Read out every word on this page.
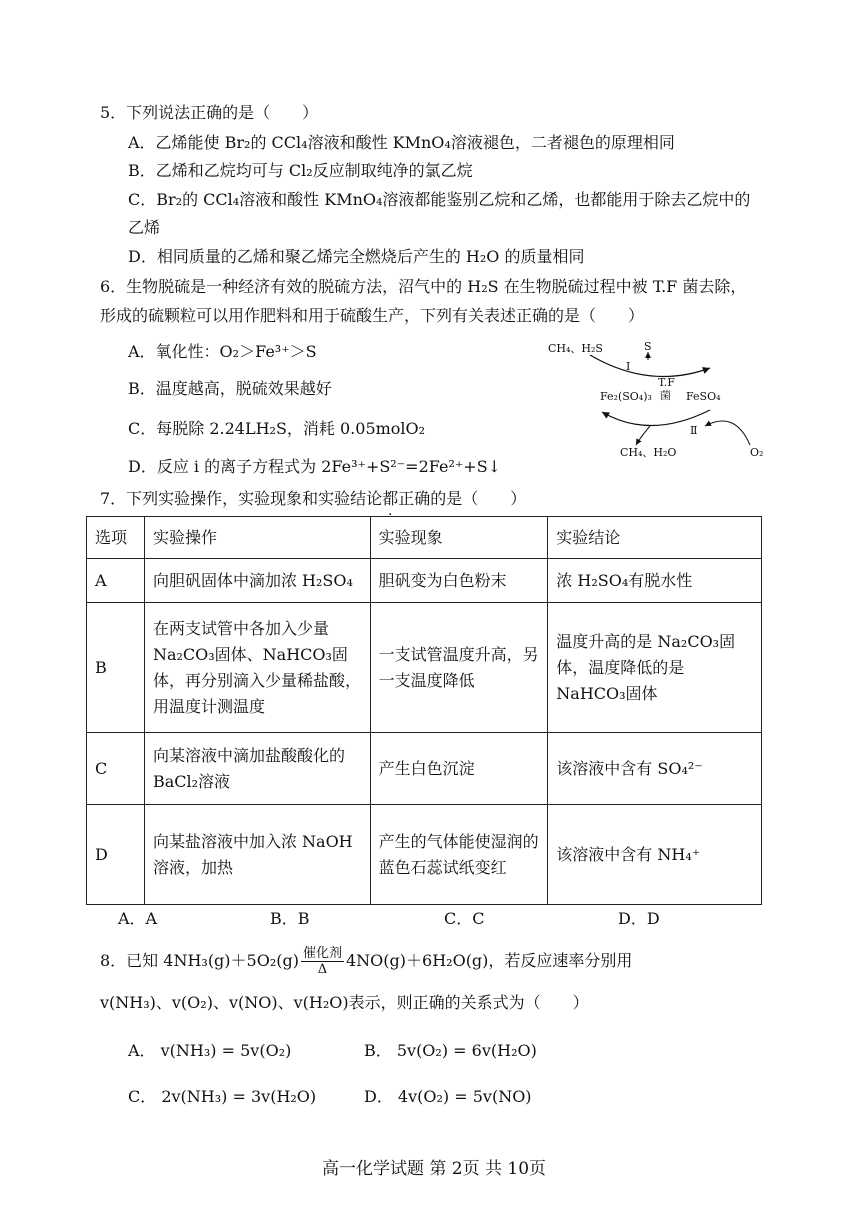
5．下列说法正确的是（　　）
A．乙烯能使 Br₂的 CCl₄溶液和酸性 KMnO₄溶液褪色，二者褪色的原理相同
B．乙烯和乙烷均可与 Cl₂反应制取纯净的氯乙烷
C．Br₂的 CCl₄溶液和酸性 KMnO₄溶液都能鉴别乙烷和乙烯，也都能用于除去乙烷中的
乙烯
D．相同质量的乙烯和聚乙烯完全燃烧后产生的 H₂O 的质量相同
6．生物脱硫是一种经济有效的脱硫方法，沼气中的 H₂S 在生物脱硫过程中被 T.F 菌去除，
形成的硫颗粒可以用作肥料和用于硫酸生产，下列有关表述正确的是（　　）
A．氧化性：O₂＞Fe³⁺＞S
B．温度越高，脱硫效果越好
C．每脱除 2.24LH₂S，消耗 0.05molO₂
D．反应 i 的离子方程式为 2Fe³⁺+S²⁻=2Fe²⁺+S↓
CH₄、H₂S	S
Ⅰ
T.F
菌
Fe₂(SO₄)₃	FeSO₄
Ⅱ
CH₄、H₂O	O₂
7．下列实验操作，实验现象和实验结论都正确的是（　　）
选项	实验操作	实验现象	实验结论
A	向胆矾固体中滴加浓 H₂SO₄	胆矾变为白色粉末	浓 H₂SO₄有脱水性
B	在两支试管中各加入少量 Na₂CO₃固体、NaHCO₃固体，再分别滴入少量稀盐酸，用温度计测温度	一支试管温度升高，另一支温度降低	温度升高的是 Na₂CO₃固体，温度降低的是 NaHCO₃固体
C	向某溶液中滴加盐酸酸化的 BaCl₂溶液	产生白色沉淀	该溶液中含有 SO₄²⁻
D	向某盐溶液中加入浓 NaOH 溶液，加热	产生的气体能使湿润的蓝色石蕊试纸变红	该溶液中含有 NH₄⁺
A．A	B．B	C．C	D．D
8．已知 $4NH_3(g)+5O_2(g) \frac{\text{催化剂}}{\Delta} 4NO(g)+6H_2O(g)$，若反应速率分别用
v(NH₃)、v(O₂)、v(NO)、v(H₂O)表示，则正确的关系式为（　　）
A． v(NH₃) = 5v(O₂)	B． 5v(O₂) = 6v(H₂O)
C． 2v(NH₃) = 3v(H₂O)	D． 4v(O₂) = 5v(NO)
高一化学试题 第 2页 共 10页
